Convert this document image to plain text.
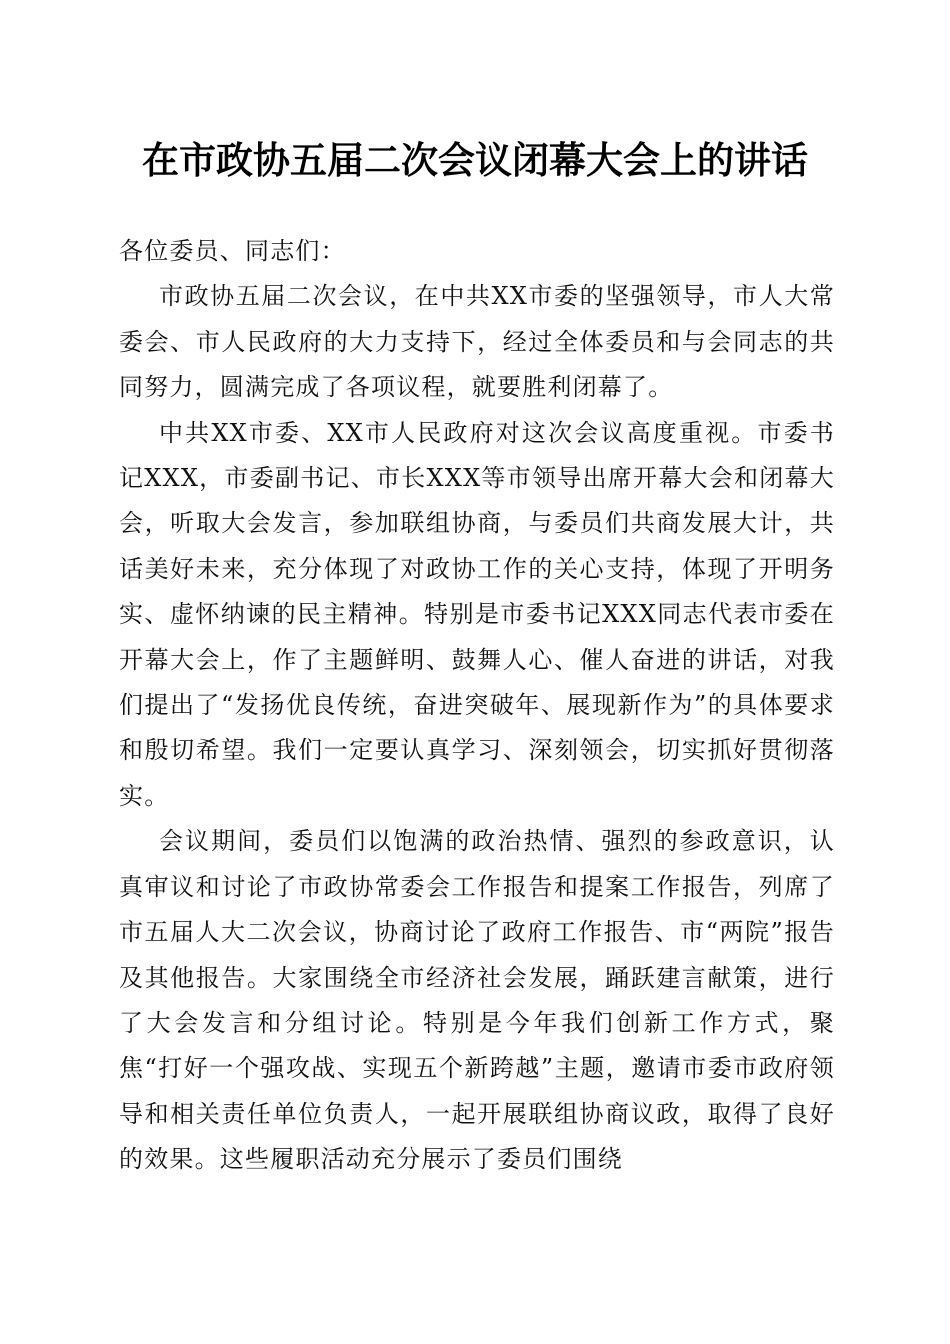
在市政协五届二次会议闭幕大会上的讲话

各位委员、同志们：

市政协五届二次会议，在中共XX市委的坚强领导，市人大常委会、市人民政府的大力支持下，经过全体委员和与会同志的共同努力，圆满完成了各项议程，就要胜利闭幕了。

中共XX市委、XX市人民政府对这次会议高度重视。市委书记XXX，市委副书记、市长XXX等市领导出席开幕大会和闭幕大会，听取大会发言，参加联组协商，与委员们共商发展大计，共话美好未来，充分体现了对政协工作的关心支持，体现了开明务实、虚怀纳谏的民主精神。特别是市委书记XXX同志代表市委在开幕大会上，作了主题鲜明、鼓舞人心、催人奋进的讲话，对我们提出了“发扬优良传统，奋进突破年、展现新作为”的具体要求和殷切希望。我们一定要认真学习、深刻领会，切实抓好贯彻落实。

会议期间，委员们以饱满的政治热情、强烈的参政意识，认真审议和讨论了市政协常委会工作报告和提案工作报告，列席了市五届人大二次会议，协商讨论了政府工作报告、市“两院”报告及其他报告。大家围绕全市经济社会发展，踊跃建言献策，进行了大会发言和分组讨论。特别是今年我们创新工作方式，聚焦“打好一个强攻战、实现五个新跨越”主题，邀请市委市政府领导和相关责任单位负责人，一起开展联组协商议政，取得了良好的效果。这些履职活动充分展示了委员们围绕
